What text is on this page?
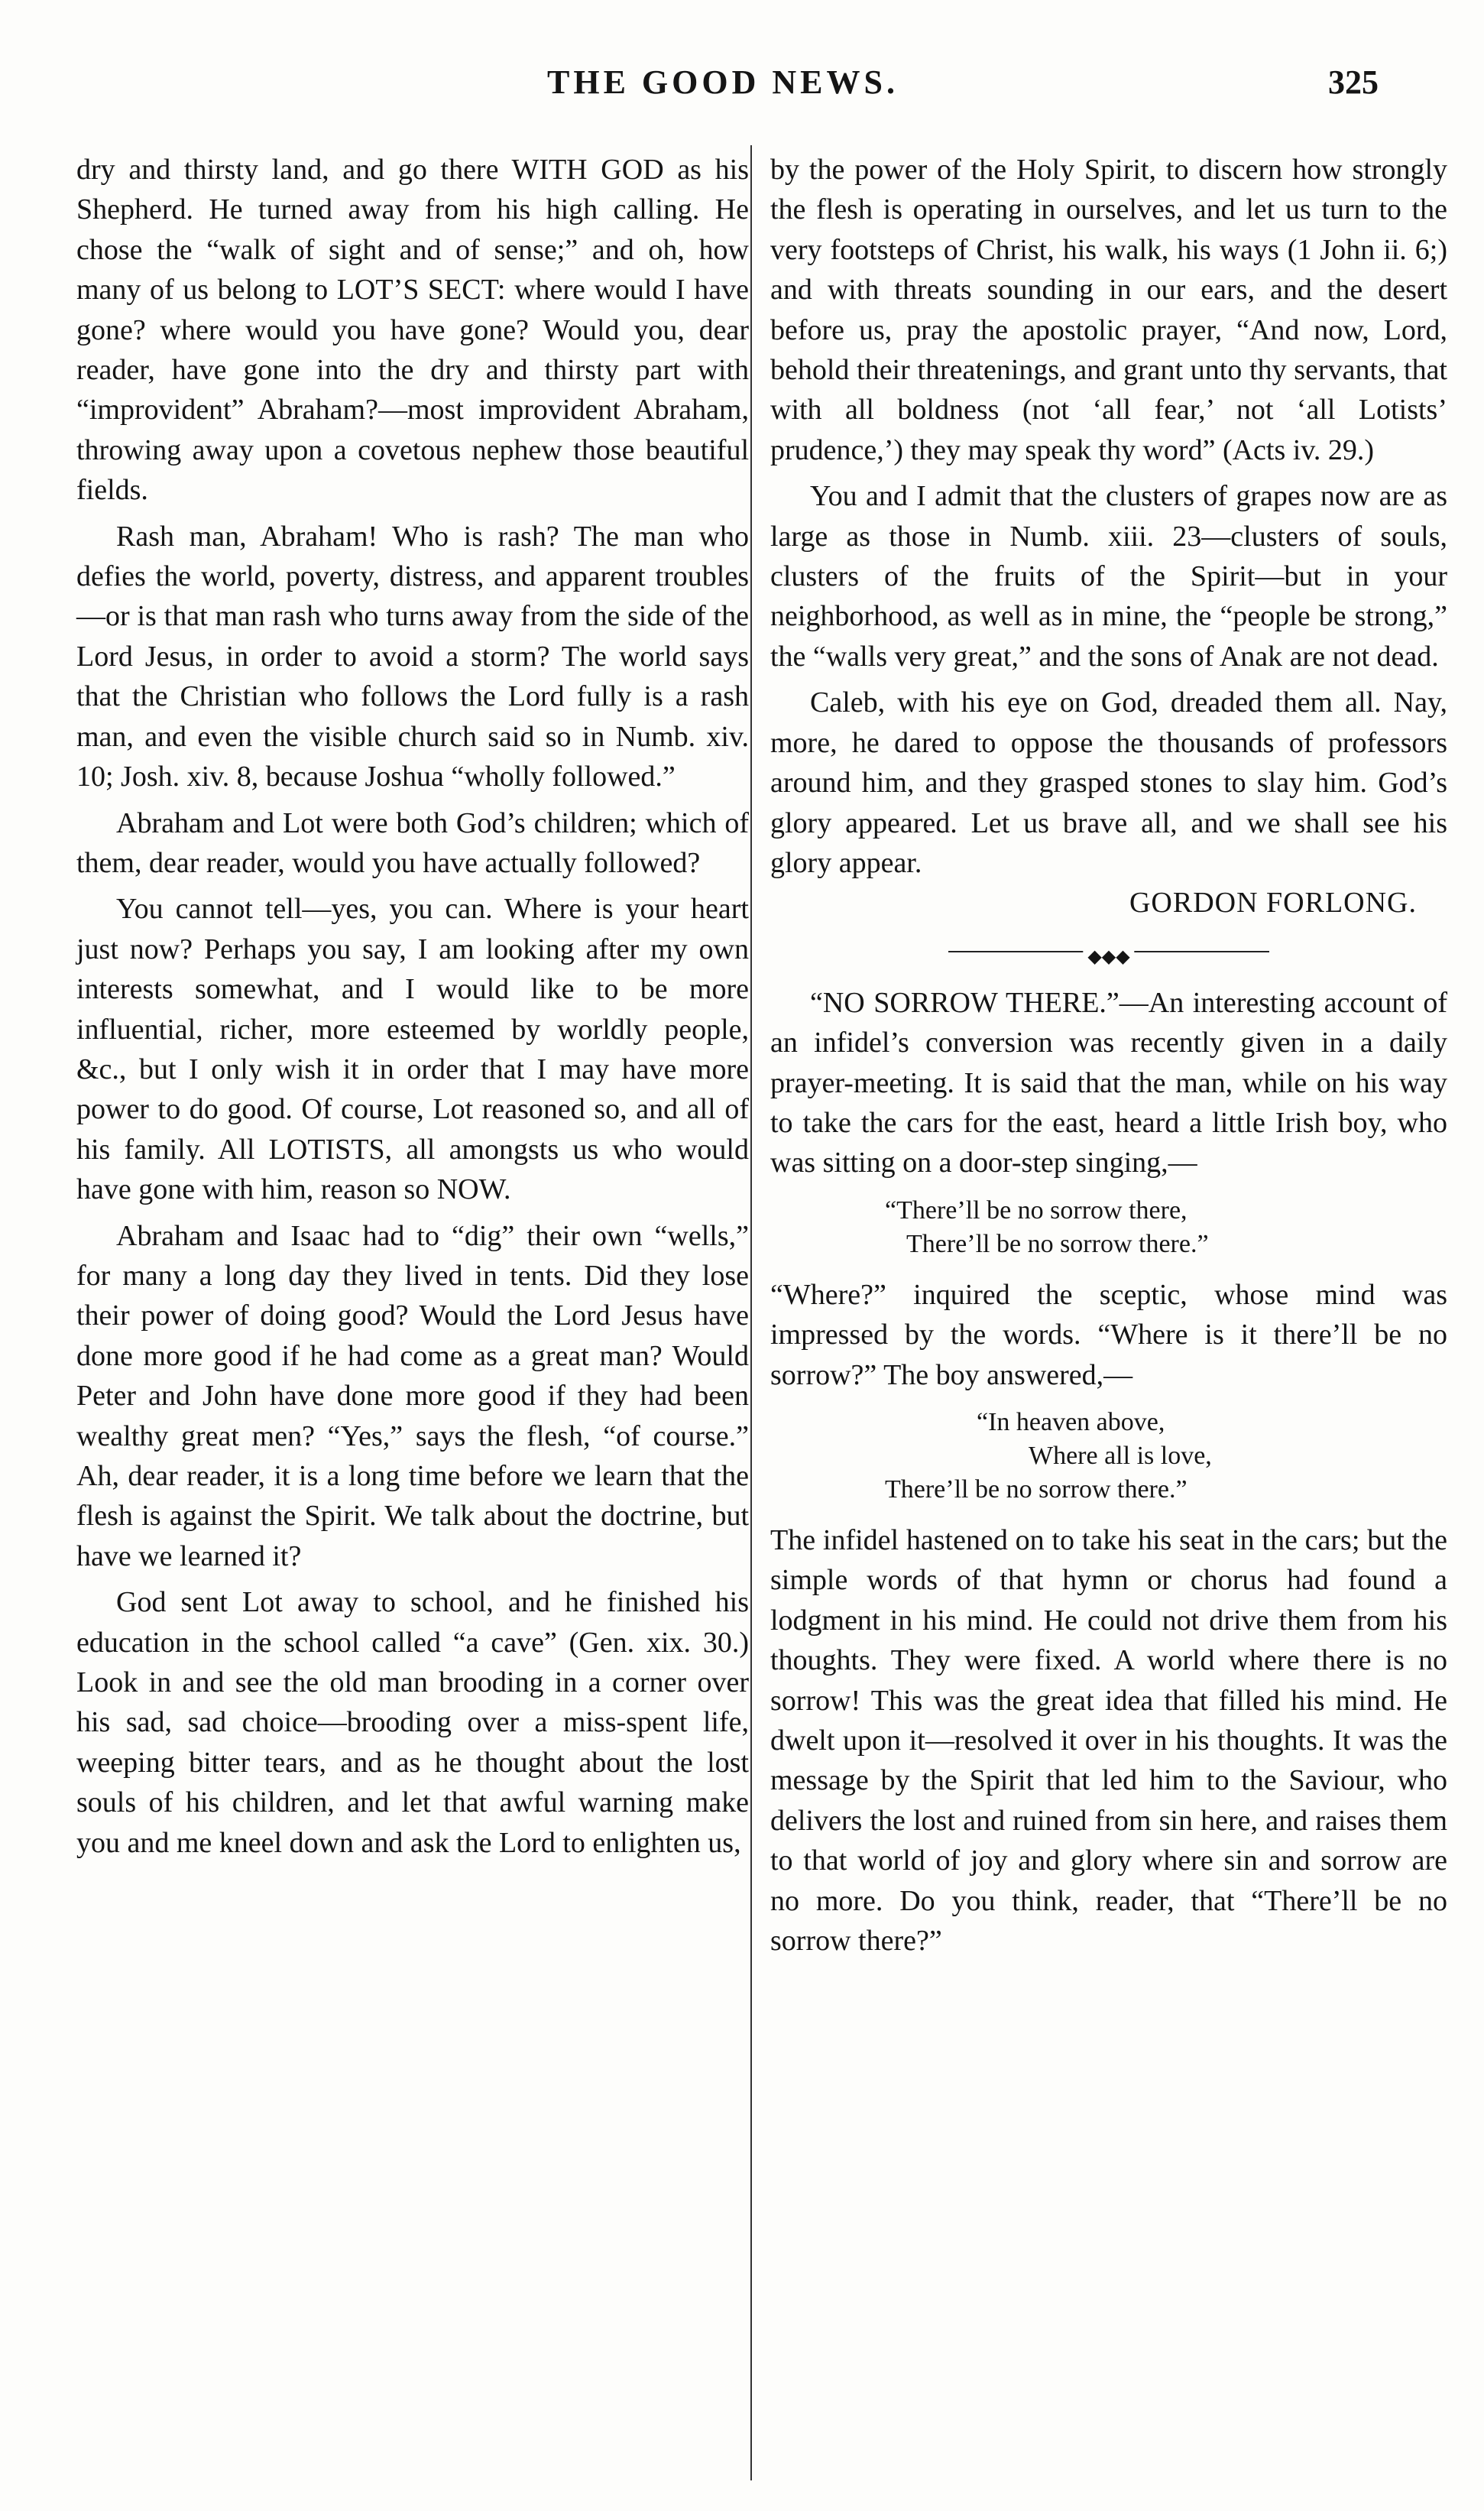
THE GOOD NEWS.	325

dry and thirsty land, and go there WITH GOD as his Shepherd. He turned away from his high calling. He chose the “walk of sight and of sense;” and oh, how many of us belong to LOT’S SECT: where would I have gone? where would you have gone? Would you, dear reader, have gone into the dry and thirsty part with “improvident” Abraham?—most improvident Abraham, throwing away upon a covetous nephew those beautiful fields.

Rash man, Abraham! Who is rash? The man who defies the world, poverty, distress, and apparent troubles—or is that man rash who turns away from the side of the Lord Jesus, in order to avoid a storm? The world says that the Christian who follows the Lord fully is a rash man, and even the visible church said so in Numb. xiv. 10; Josh. xiv. 8, because Joshua “wholly followed.”

Abraham and Lot were both God’s children; which of them, dear reader, would you have actually followed?

You cannot tell—yes, you can. Where is your heart just now? Perhaps you say, I am looking after my own interests somewhat, and I would like to be more influential, richer, more esteemed by worldly people, &c., but I only wish it in order that I may have more power to do good. Of course, Lot reasoned so, and all of his family. All LOTISTS, all amongsts us who would have gone with him, reason so NOW.

Abraham and Isaac had to “dig” their own “wells,” for many a long day they lived in tents. Did they lose their power of doing good? Would the Lord Jesus have done more good if he had come as a great man? Would Peter and John have done more good if they had been wealthy great men? “Yes,” says the flesh, “of course.” Ah, dear reader, it is a long time before we learn that the flesh is against the Spirit. We talk about the doctrine, but have we learned it?

God sent Lot away to school, and he finished his education in the school called “a cave” (Gen. xix. 30.) Look in and see the old man brooding in a corner over his sad, sad choice—brooding over a miss-spent life, weeping bitter tears, and as he thought about the lost souls of his children, and let that awful warning make you and me kneel down and ask the Lord to enlighten us,

by the power of the Holy Spirit, to discern how strongly the flesh is operating in ourselves, and let us turn to the very footsteps of Christ, his walk, his ways (1 John ii. 6;) and with threats sounding in our ears, and the desert before us, pray the apostolic prayer, “And now, Lord, behold their threatenings, and grant unto thy servants, that with all boldness (not ‘all fear,’ not ‘all Lotists’ prudence,’) they may speak thy word” (Acts iv. 29.)

You and I admit that the clusters of grapes now are as large as those in Numb. xiii. 23—clusters of souls, clusters of the fruits of the Spirit—but in your neighborhood, as well as in mine, the “people be strong,” the “walls very great,” and the sons of Anak are not dead.

Caleb, with his eye on God, dreaded them all. Nay, more, he dared to oppose the thousands of professors around him, and they grasped stones to slay him. God’s glory appeared. Let us brave all, and we shall see his glory appear.

GORDON FORLONG.

◆◆◆

“NO SORROW THERE.”—An interesting account of an infidel’s conversion was recently given in a daily prayer-meeting. It is said that the man, while on his way to take the cars for the east, heard a little Irish boy, who was sitting on a door-step singing,—

“There’ll be no sorrow there,
There’ll be no sorrow there.”

“Where?” inquired the sceptic, whose mind was impressed by the words. “Where is it there’ll be no sorrow?” The boy answered,—

“In heaven above,
Where all is love,
There’ll be no sorrow there.”

The infidel hastened on to take his seat in the cars; but the simple words of that hymn or chorus had found a lodgment in his mind. He could not drive them from his thoughts. They were fixed. A world where there is no sorrow! This was the great idea that filled his mind. He dwelt upon it—resolved it over in his thoughts. It was the message by the Spirit that led him to the Saviour, who delivers the lost and ruined from sin here, and raises them to that world of joy and glory where sin and sorrow are no more. Do you think, reader, that “There’ll be no sorrow there?”
